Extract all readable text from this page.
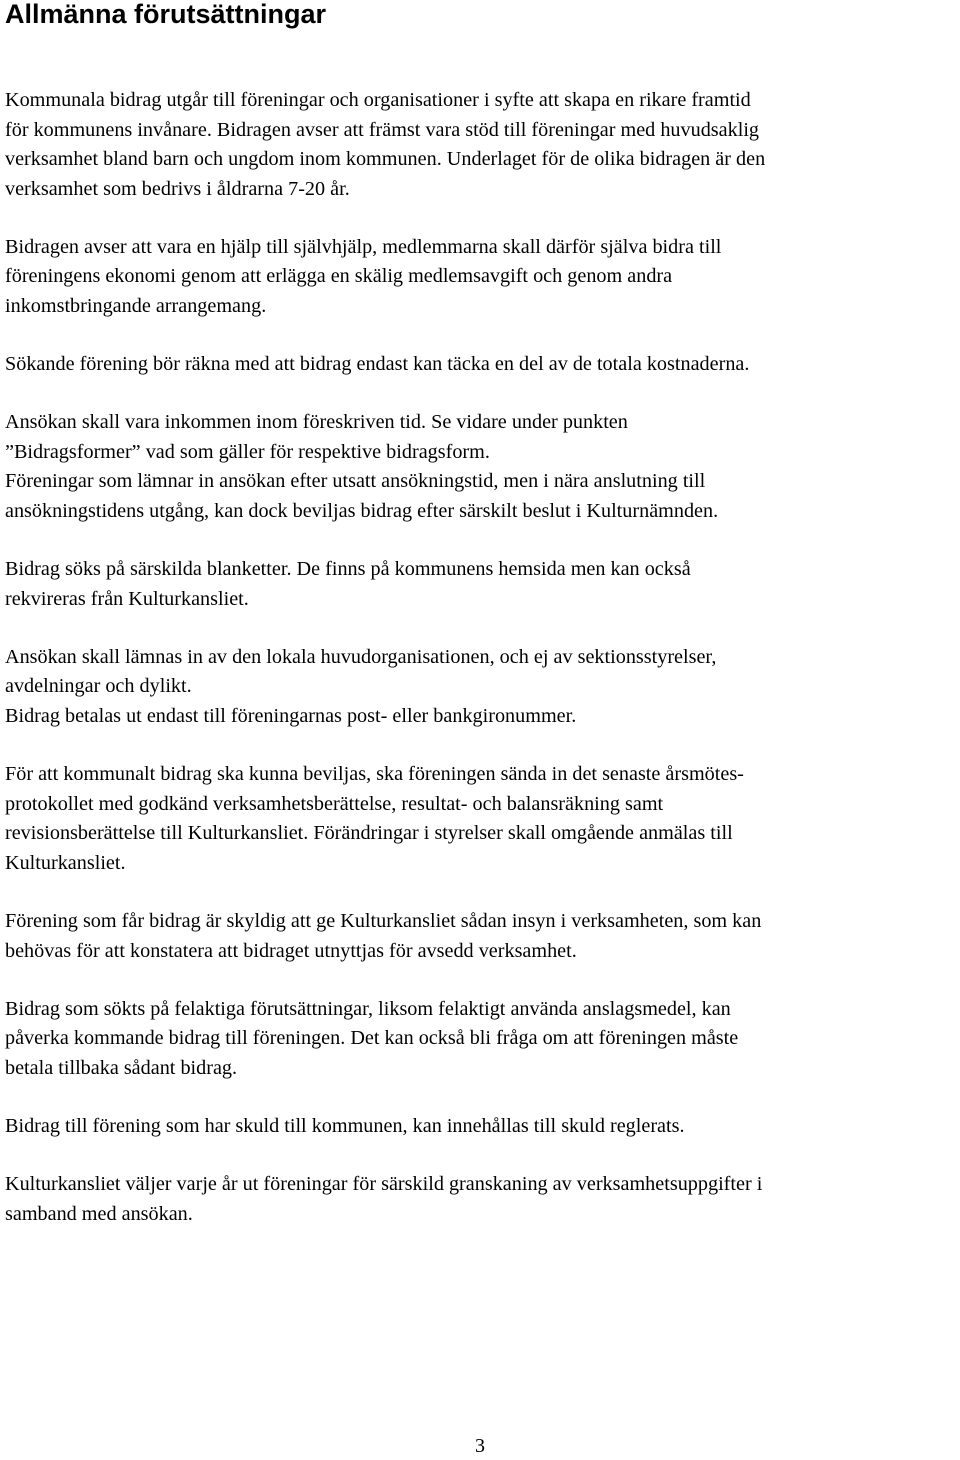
Allmänna förutsättningar
Kommunala bidrag utgår till föreningar och organisationer i syfte att skapa en rikare framtid
för kommunens invånare. Bidragen avser att främst vara stöd till föreningar med huvudsaklig
verksamhet bland barn och ungdom inom kommunen. Underlaget för de olika bidragen är den
verksamhet som bedrivs i åldrarna 7-20 år.
Bidragen avser att vara en hjälp till självhjälp, medlemmarna skall därför själva bidra till
föreningens ekonomi genom att erlägga en skälig medlemsavgift och genom andra
inkomstbringande arrangemang.
Sökande förening bör räkna med att bidrag endast kan täcka en del av de totala kostnaderna.
Ansökan skall vara inkommen inom föreskriven tid. Se vidare under punkten
”Bidragsformer” vad som gäller för respektive bidragsform.
Föreningar som lämnar in ansökan efter utsatt ansökningstid, men i nära anslutning till
ansökningstidens utgång, kan dock beviljas bidrag efter särskilt beslut i Kulturnämnden.
Bidrag söks på särskilda blanketter. De finns på kommunens hemsida men kan också
rekvireras från Kulturkansliet.
Ansökan skall lämnas in av den lokala huvudorganisationen, och ej av sektionsstyrelser,
avdelningar och dylikt.
Bidrag betalas ut endast till föreningarnas post- eller bankgironummer.
För att kommunalt bidrag ska kunna beviljas, ska föreningen sända in det senaste årsmötes-
protokollet med godkänd verksamhetsberättelse, resultat- och balansräkning samt
revisionsberättelse till Kulturkansliet. Förändringar i styrelser skall omgående anmälas till
Kulturkansliet.
Förening som får bidrag är skyldig att ge Kulturkansliet sådan insyn i verksamheten, som kan
behövas för att konstatera att bidraget utnyttjas för avsedd verksamhet.
Bidrag som sökts på felaktiga förutsättningar, liksom felaktigt använda anslagsmedel, kan
påverka kommande bidrag till föreningen. Det kan också bli fråga om att föreningen måste
betala tillbaka sådant bidrag.
Bidrag till förening som har skuld till kommunen, kan innehållas till skuld reglerats.
Kulturkansliet väljer varje år ut föreningar för särskild granskaning av verksamhetsuppgifter i
samband med ansökan.
3
